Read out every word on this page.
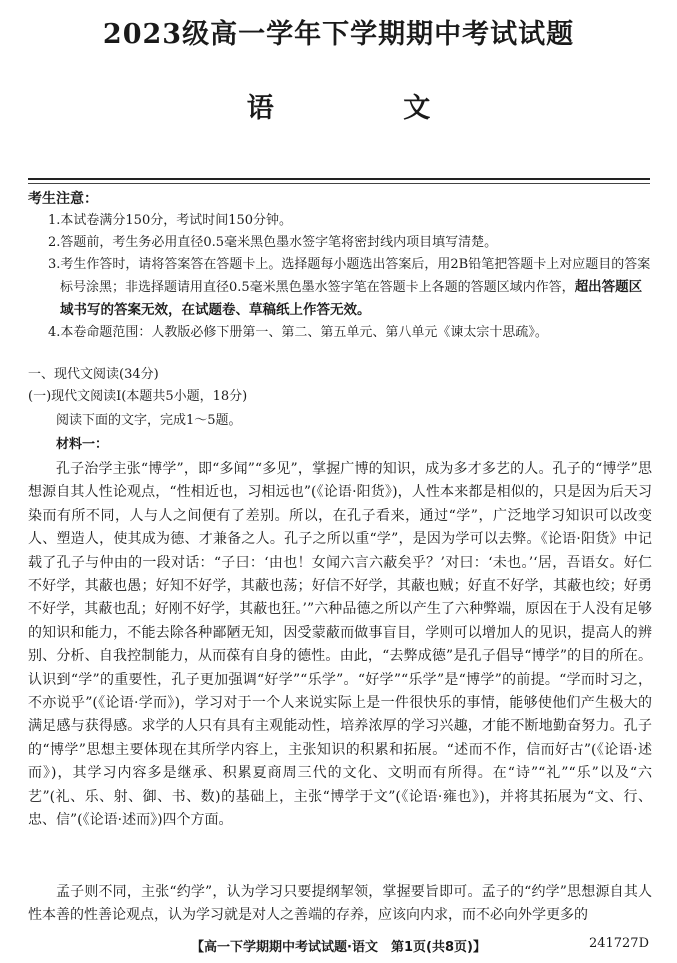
2023级高一学年下学期期中考试试题
语 文
考生注意：
1.本试卷满分150分，考试时间150分钟。
2.答题前，考生务必用直径0.5毫米黑色墨水签字笔将密封线内项目填写清楚。
3.考生作答时，请将答案答在答题卡上。选择题每小题选出答案后，用2B铅笔把答题卡上对应题目的答案标号涂黑；非选择题请用直径0.5毫米黑色墨水签字笔在答题卡上各题的答题区域内作答，超出答题区域书写的答案无效，在试题卷、草稿纸上作答无效。
4.本卷命题范围：人教版必修下册第一、第二、第五单元、第八单元《谏太宗十思疏》。
一、现代文阅读(34分)
(一)现代文阅读Ⅰ(本题共5小题，18分)
阅读下面的文字，完成1～5题。
材料一：

孔子治学主张“博学”，即“多闻”“多见”，掌握广博的知识，成为多才多艺的人。孔子的“博学”思想源自其人性论观点，“性相近也，习相远也”(《论语·阳货》)，人性本来都是相似的，只是因为后天习染而有所不同，人与人之间便有了差别。所以，在孔子看来，通过“学”，广泛地学习知识可以改变人、塑造人，使其成为德、才兼备之人。孔子之所以重“学”，是因为学可以去弊。《论语·阳货》中记载了孔子与仲由的一段对话：“子曰：‘由也！女闻六言六蔽矣乎？’对曰：‘未也。’‘居，吾语女。好仁不好学，其蔽也愚；好知不好学，其蔽也荡；好信不好学，其蔽也贼；好直不好学，其蔽也绞；好勇不好学，其蔽也乱；好刚不好学，其蔽也狂。’”六种品德之所以产生了六种弊端，原因在于人没有足够的知识和能力，不能去除各种鄙陋无知，因受蒙蔽而做事盲目，学则可以增加人的见识，提高人的辨别、分析、自我控制能力，从而葆有自身的德性。由此，“去弊成德”是孔子倡导“博学”的目的所在。认识到“学”的重要性，孔子更加强调“好学”“乐学”。“好学”“乐学”是“博学”的前提。“学而时习之，不亦说乎”(《论语·学而》)，学习对于一个人来说实际上是一件很快乐的事情，能够使他们产生极大的满足感与获得感。求学的人只有具有主观能动性，培养浓厚的学习兴趣，才能不断地勤奋努力。孔子的“博学”思想主要体现在其所学内容上，主张知识的积累和拓展。“述而不作，信而好古”(《论语·述而》)，其学习内容多是继承、积累夏商周三代的文化、文明而有所得。在“诗”“礼”“乐”以及“六艺”(礼、乐、射、御、书、数)的基础上，主张“博学于文”(《论语·雍也》)，并将其拓展为“文、行、忠、信”(《论语·述而》)四个方面。

孟子则不同，主张“约学”，认为学习只要提纲挈领，掌握要旨即可。孟子的“约学”思想源自其人性本善的性善论观点，认为学习就是对人之善端的存养，应该向内求，而不必向外学更多的

【高一下学期期中考试试题·语文　第1页(共8页)】	241727D
